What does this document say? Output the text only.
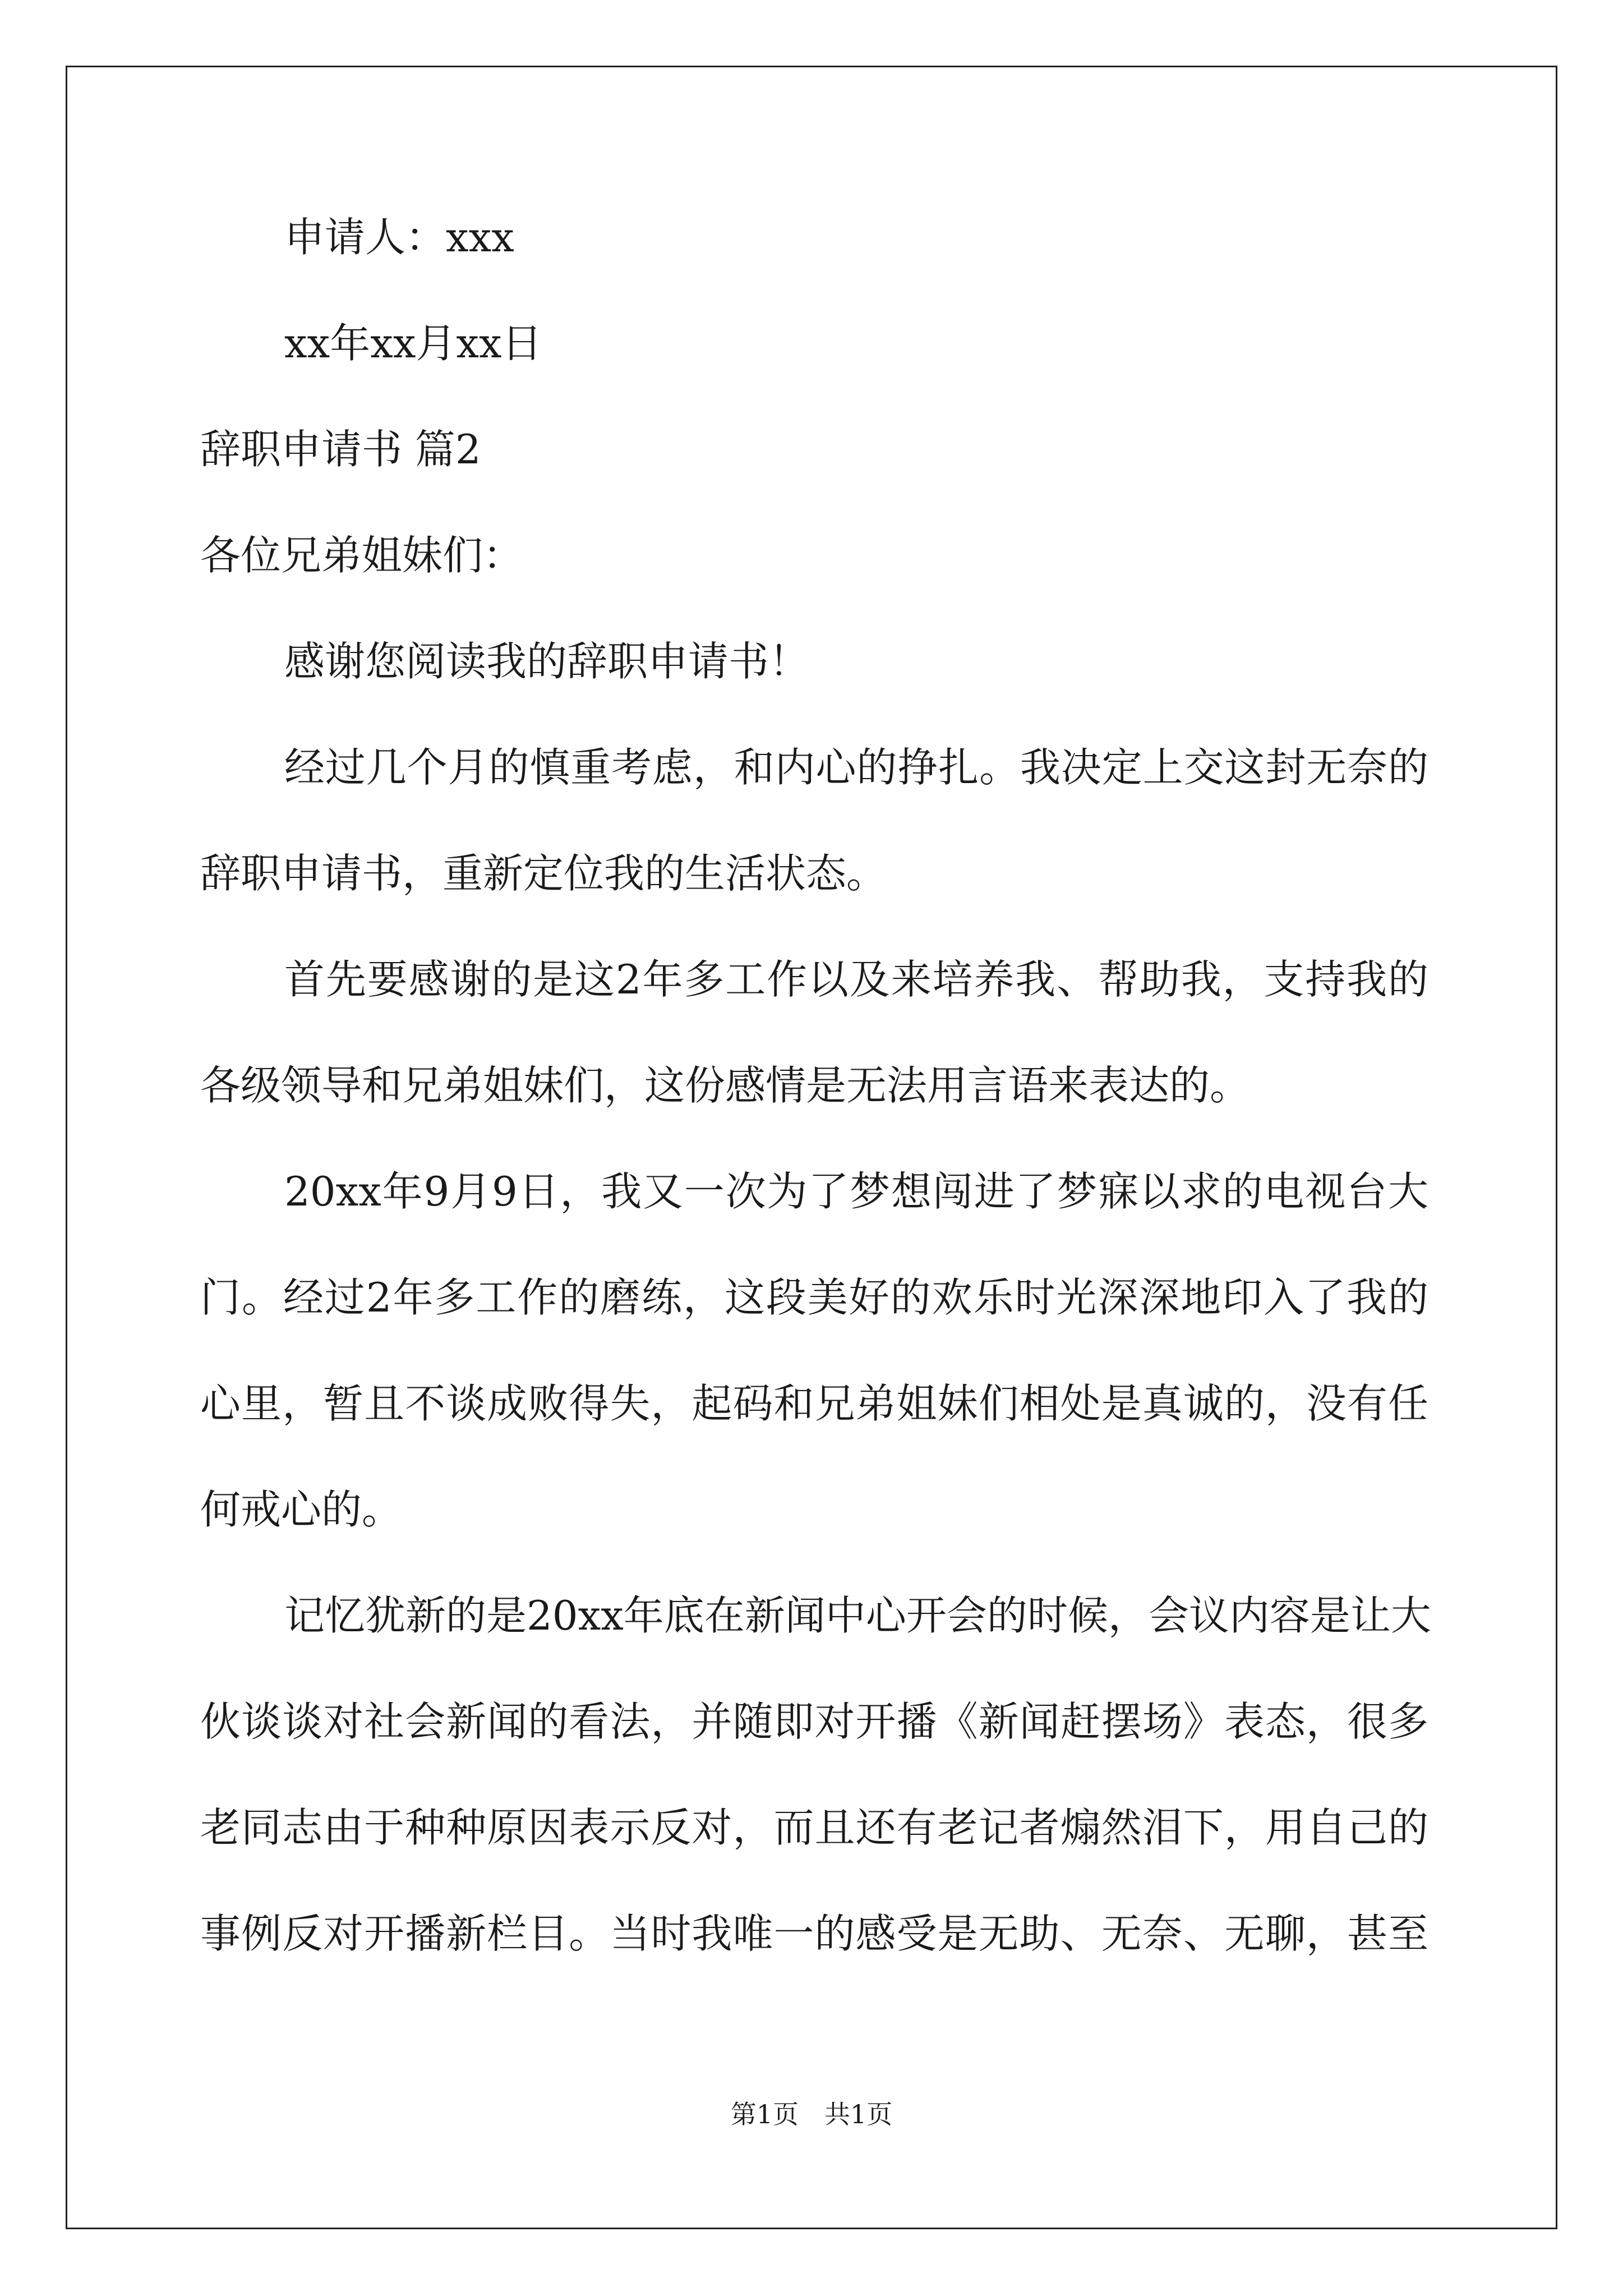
申请人：xxx
xx年xx月xx日
辞职申请书 篇2
各位兄弟姐妹们：
感谢您阅读我的辞职申请书！
经过几个月的慎重考虑，和内心的挣扎。我决定上交这封无奈的
辞职申请书，重新定位我的生活状态。
首先要感谢的是这2年多工作以及来培养我、帮助我，支持我的
各级领导和兄弟姐妹们，这份感情是无法用言语来表达的。
20xx年9月9日，我又一次为了梦想闯进了梦寐以求的电视台大
门。经过2年多工作的磨练，这段美好的欢乐时光深深地印入了我的
心里，暂且不谈成败得失，起码和兄弟姐妹们相处是真诚的，没有任
何戒心的。
记忆犹新的是20xx年底在新闻中心开会的时候，会议内容是让大
伙谈谈对社会新闻的看法，并随即对开播《新闻赶摆场》表态，很多
老同志由于种种原因表示反对，而且还有老记者煽然泪下，用自己的
事例反对开播新栏目。当时我唯一的感受是无助、无奈、无聊，甚至
第1页　共1页
